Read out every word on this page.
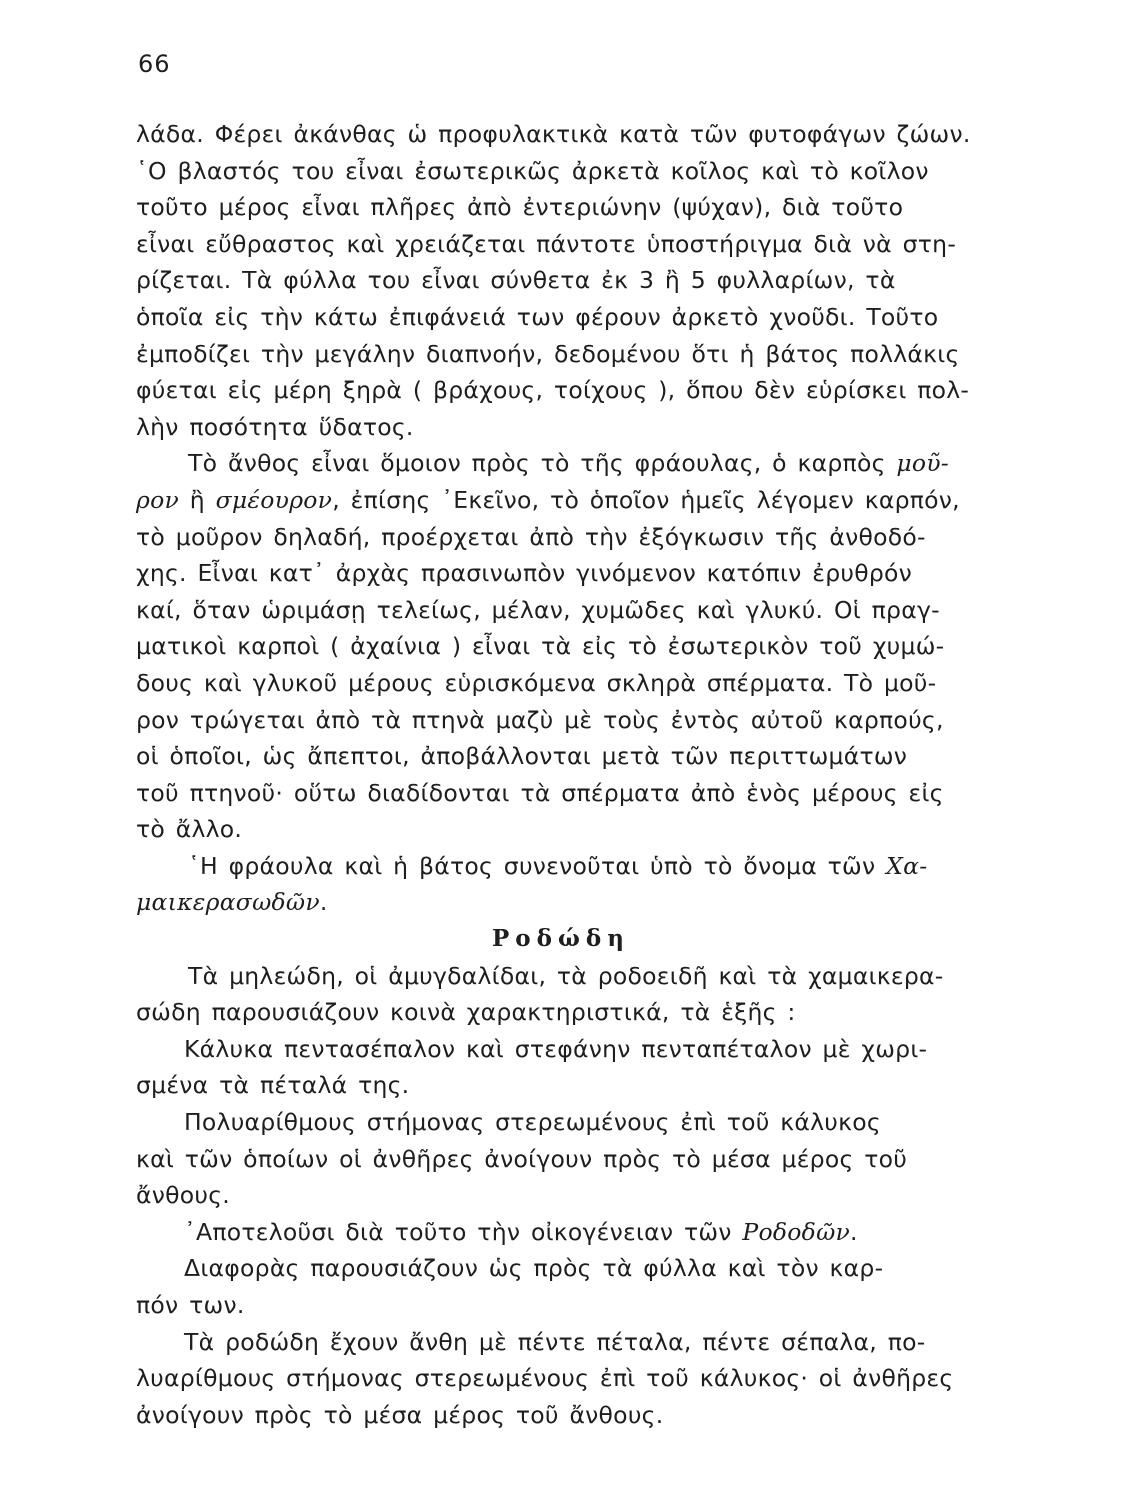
66
λάδα. Φέρει ἀκάνθας ὡ προφυλακτικὰ κατὰ τῶν φυτοφάγων ζώων.
῾Ο βλαστός του εἶναι ἐσωτερικῶς ἀρκετὰ κοῖλος καὶ τὸ κοῖλον
τοῦτο μέρος εἶναι πλῆρες ἀπὸ ἐντεριώνην (ψύχαν), διὰ τοῦτο
εἶναι εὔθραστος καὶ χρειάζεται πάντοτε ὑποστήριγμα διὰ νὰ στη-
ρίζεται. Τὰ φύλλα του εἶναι σύνθετα ἐκ 3 ἢ 5 φυλλαρίων, τὰ
ὁποῖα εἰς τὴν κάτω ἐπιφάνειά των φέρουν ἀρκετὸ χνοῦδι. Τοῦτο
ἐμποδίζει τὴν μεγάλην διαπνοήν, δεδομένου ὅτι ἡ βάτος πολλάκις
φύεται εἰς μέρη ξηρὰ ( βράχους, τοίχους ), ὅπου δὲν εὑρίσκει πολ-
λὴν ποσότητα ὕδατος.
Τὸ ἄνθος εἶναι ὅμοιον πρὸς τὸ τῆς φράουλας, ὁ καρπὸς μοῦ-
ρον ἢ σμέουρον, ἐπίσης ᾿Εκεῖνο, τὸ ὁποῖον ἡμεῖς λέγομεν καρπόν,
τὸ μοῦρον δηλαδή, προέρχεται ἀπὸ τὴν ἐξόγκωσιν τῆς ἀνθοδό-
χης. Εἶναι κατ᾿ ἀρχὰς πρασινωπὸν γινόμενον κατόπιν ἐρυθρόν
καί, ὅταν ὡριμάσῃ τελείως, μέλαν, χυμῶδες καὶ γλυκύ. Οἱ πραγ-
ματικοὶ καρποὶ ( ἀχαίνια ) εἶναι τὰ εἰς τὸ ἐσωτερικὸν τοῦ χυμώ-
δους καὶ γλυκοῦ μέρους εὑρισκόμενα σκληρὰ σπέρματα. Τὸ μοῦ-
ρον τρώγεται ἀπὸ τὰ πτηνὰ μαζὺ μὲ τοὺς ἐντὸς αὐτοῦ καρπούς,
οἱ ὁποῖοι, ὡς ἄπεπτοι, ἀποβάλλονται μετὰ τῶν περιττωμάτων
τοῦ πτηνοῦ· οὕτω διαδίδονται τὰ σπέρματα ἀπὸ ἑνὸς μέρους εἰς
τὸ ἄλλο.
῾Η φράουλα καὶ ἡ βάτος συνενοῦται ὑπὸ τὸ ὄνομα τῶν Χα-
μαικερασωδῶν.
Ροδώδη
Τὰ μηλεώδη, οἱ ἀμυγδαλίδαι, τὰ ροδοειδῆ καὶ τὰ χαμαικερα-
σώδη παρουσιάζουν κοινὰ χαρακτηριστικά, τὰ ἑξῆς :
Κάλυκα πεντασέπαλον καὶ στεφάνην πενταπέταλον μὲ χωρι-
σμένα τὰ πέταλά της.
Πολυαρίθμους στήμονας στερεωμένους ἐπὶ τοῦ κάλυκος
καὶ τῶν ὁποίων οἱ ἀνθῆρες ἀνοίγουν πρὸς τὸ μέσα μέρος τοῦ
ἄνθους.
᾿Αποτελοῦσι διὰ τοῦτο τὴν οἰκογένειαν τῶν Ροδοδῶν.
Διαφορὰς παρουσιάζουν ὡς πρὸς τὰ φύλλα καὶ τὸν καρ-
πόν των.
Τὰ ροδώδη ἔχουν ἄνθη μὲ πέντε πέταλα, πέντε σέπαλα, πο-
λυαρίθμους στήμονας στερεωμένους ἐπὶ τοῦ κάλυκος· οἱ ἀνθῆρες
ἀνοίγουν πρὸς τὸ μέσα μέρος τοῦ ἄνθους.
